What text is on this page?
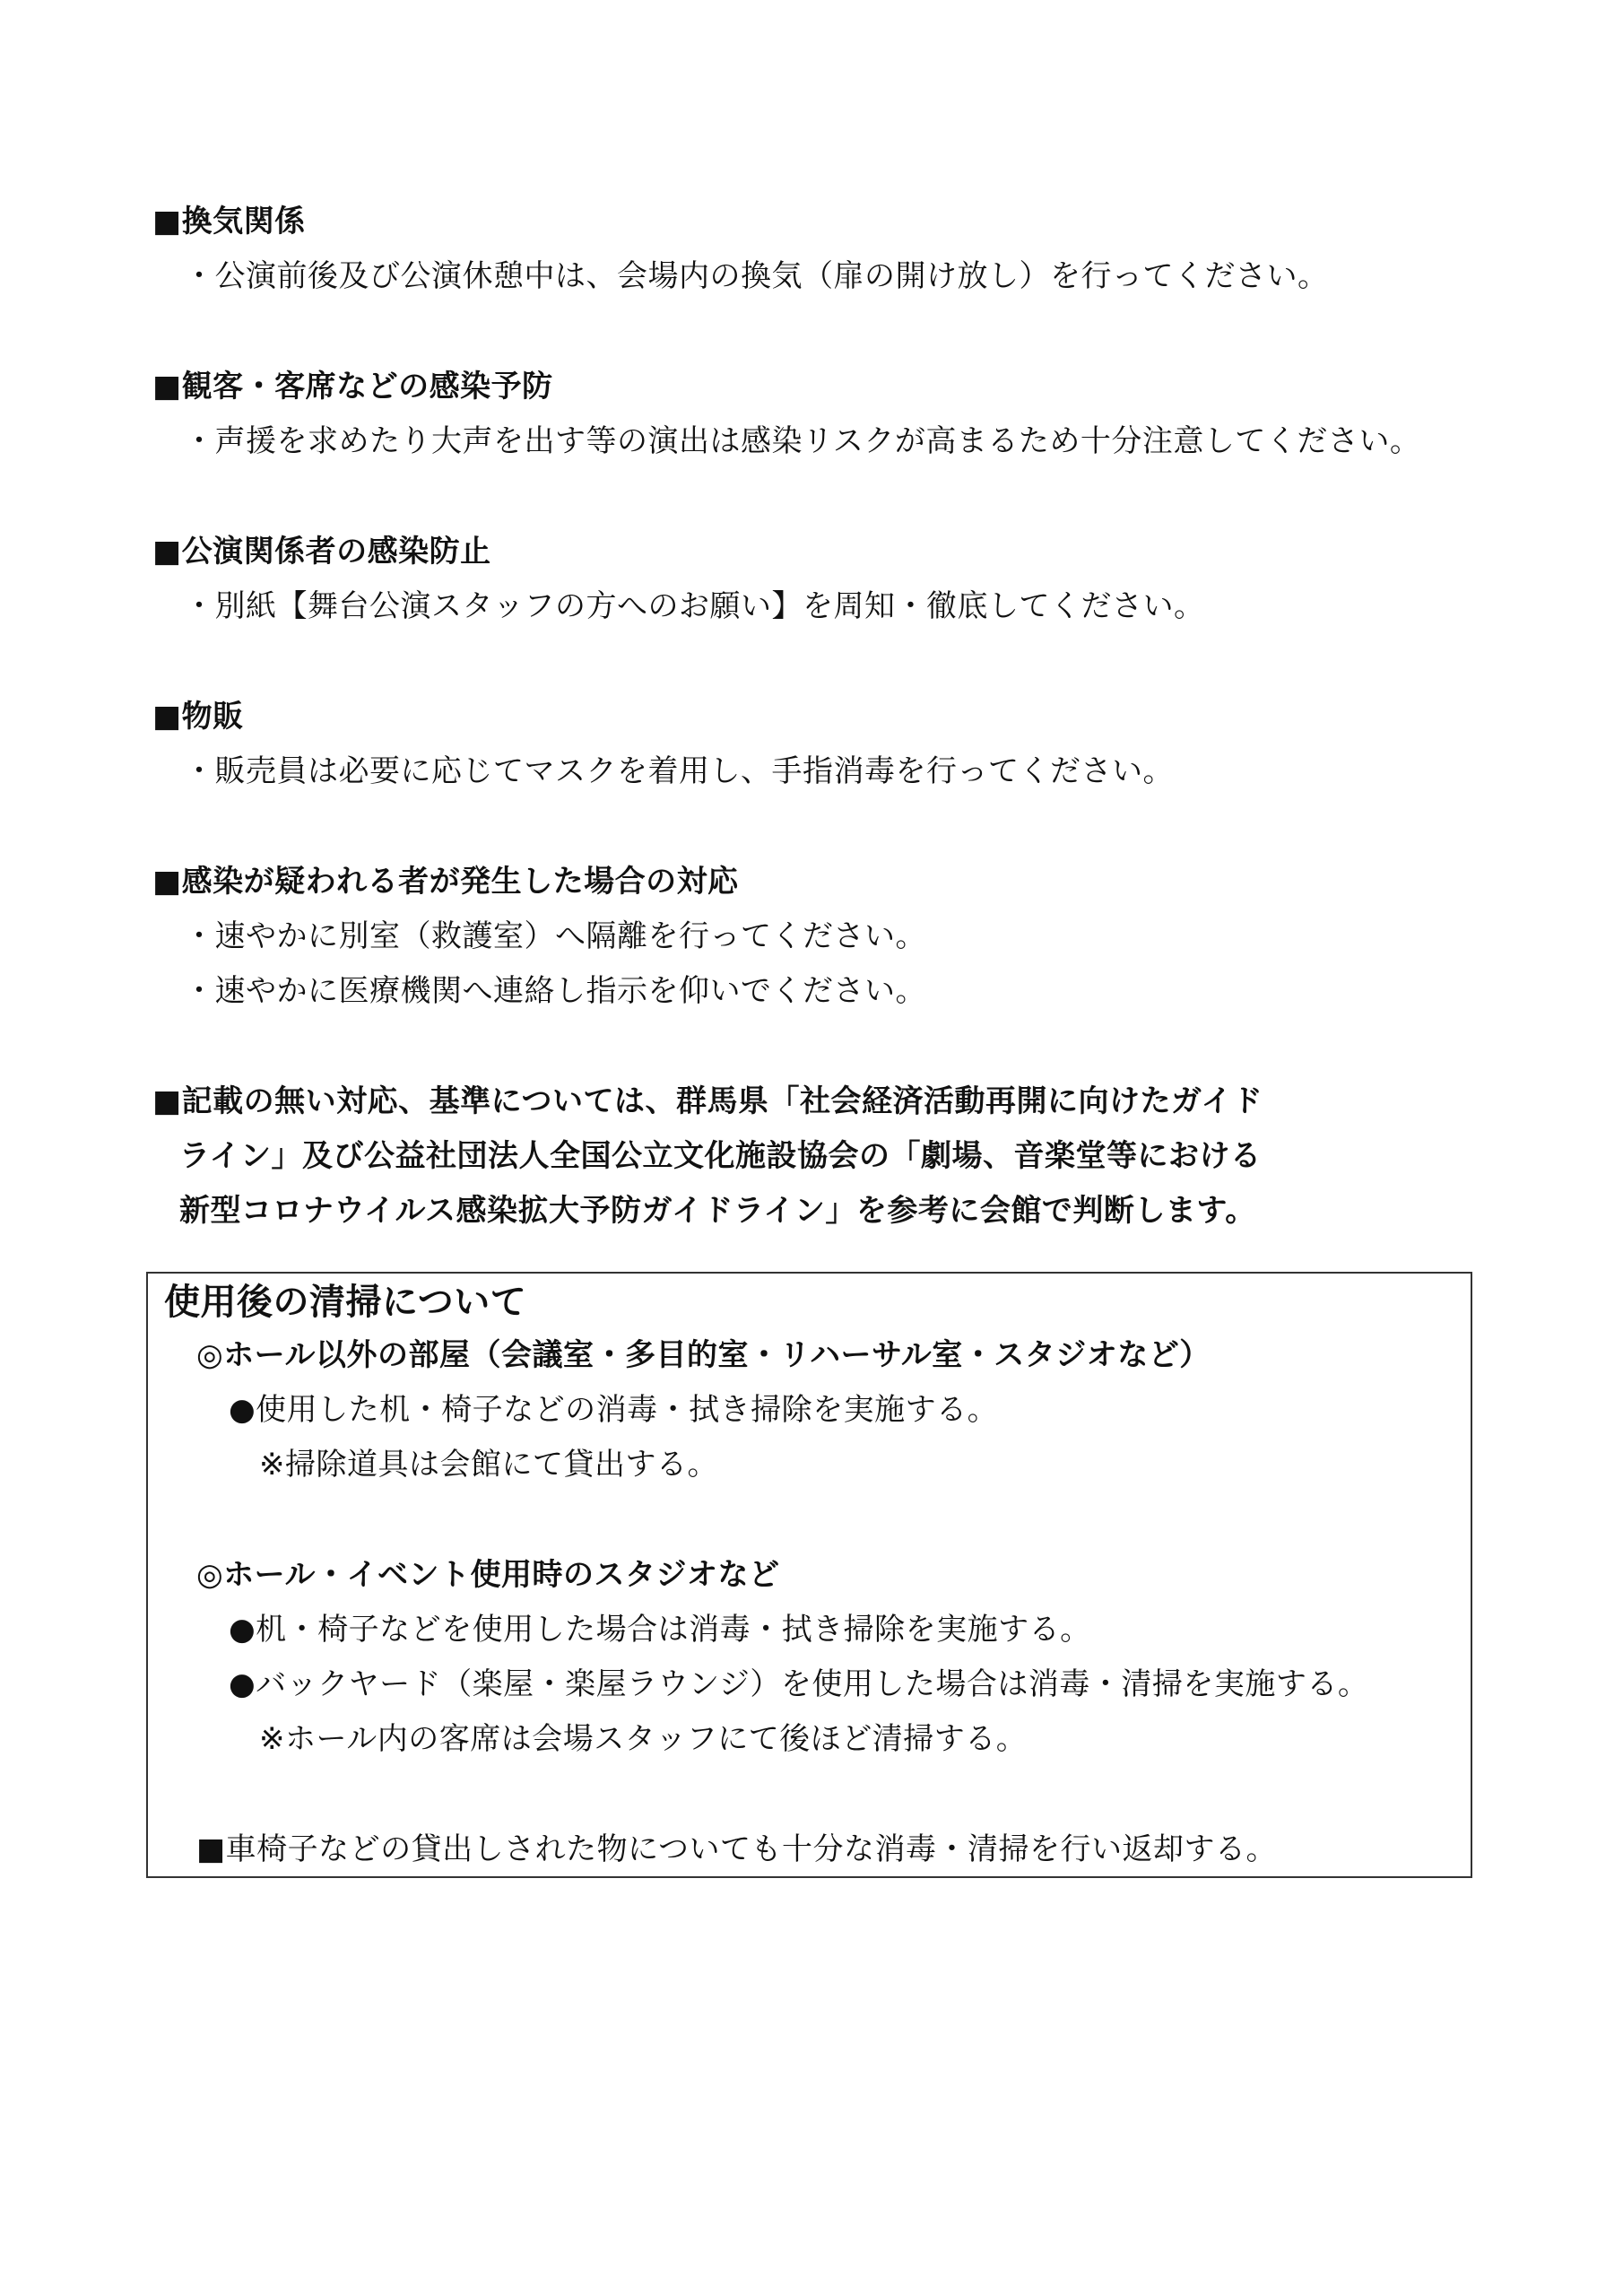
■換気関係
・公演前後及び公演休憩中は、会場内の換気（扉の開け放し）を行ってください。
■観客・客席などの感染予防
・声援を求めたり大声を出す等の演出は感染リスクが高まるため十分注意してください。
■公演関係者の感染防止
・別紙【舞台公演スタッフの方へのお願い】を周知・徹底してください。
■物販
・販売員は必要に応じてマスクを着用し、手指消毒を行ってください。
■感染が疑われる者が発生した場合の対応
・速やかに別室（救護室）へ隔離を行ってください。
・速やかに医療機関へ連絡し指示を仰いでください。
■記載の無い対応、基準については、群馬県「社会経済活動再開に向けたガイド
ライン」及び公益社団法人全国公立文化施設協会の「劇場、音楽堂等における
新型コロナウイルス感染拡大予防ガイドライン」を参考に会館で判断します。
使用後の清掃について
◎ホール以外の部屋（会議室・多目的室・リハーサル室・スタジオなど）
●使用した机・椅子などの消毒・拭き掃除を実施する。
※掃除道具は会館にて貸出する。
◎ホール・イベント使用時のスタジオなど
●机・椅子などを使用した場合は消毒・拭き掃除を実施する。
●バックヤード（楽屋・楽屋ラウンジ）を使用した場合は消毒・清掃を実施する。
※ホール内の客席は会場スタッフにて後ほど清掃する。
■車椅子などの貸出しされた物についても十分な消毒・清掃を行い返却する。
